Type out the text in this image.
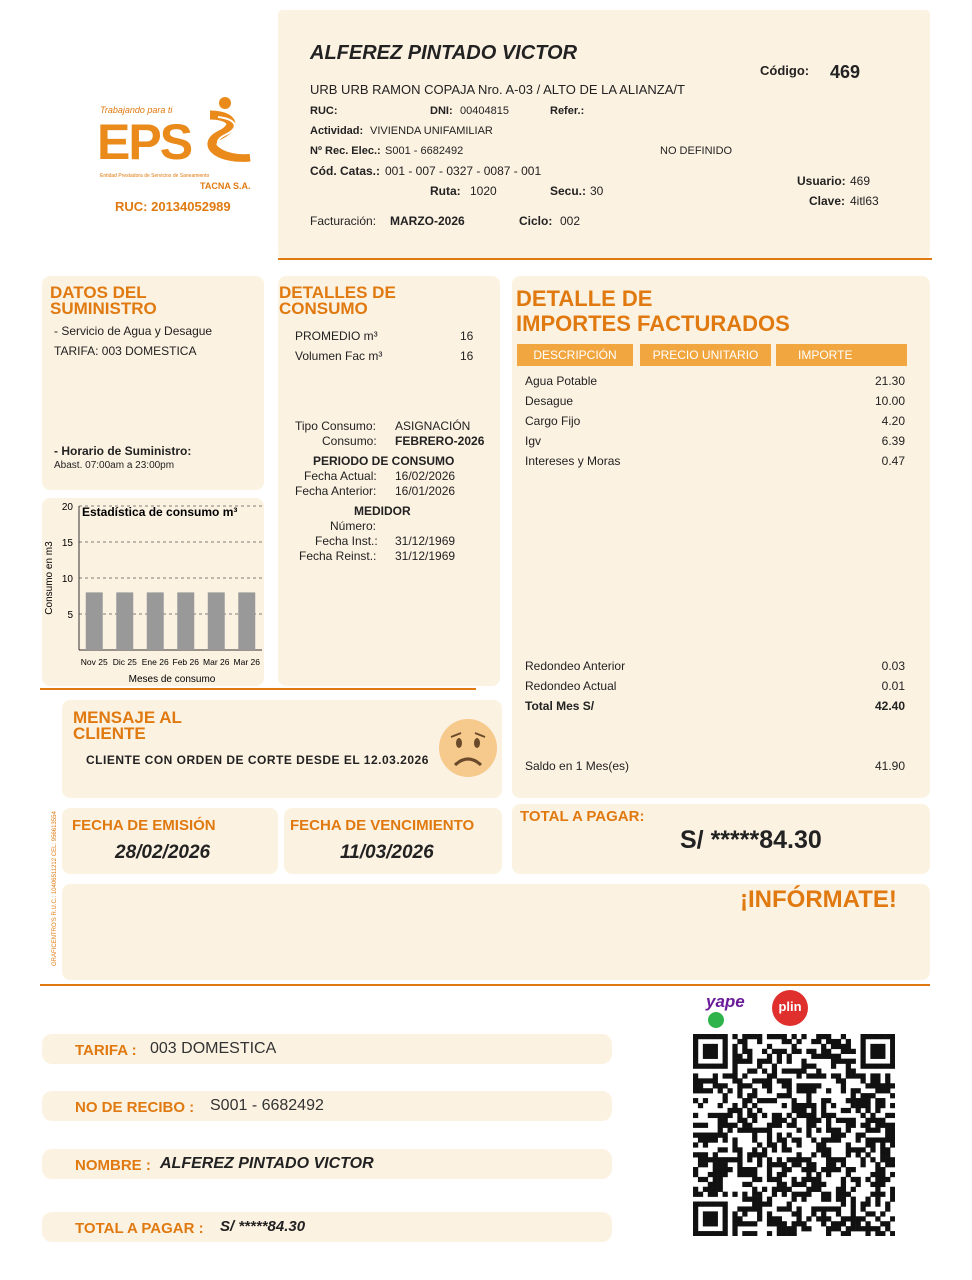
Trabajando para ti
EPS
Entidad Prestadora de Servicios de Saneamiento
TACNA S.A.
RUC: 20134052989
ALFEREZ PINTADO VICTOR
URB URB RAMON COPAJA Nro. A-03 / ALTO DE LA ALIANZA/T
Código: 469
RUC:	DNI: 00404815	Refer.:
Actividad: VIVIENDA UNIFAMILIAR
Nº Rec. Elec.: S001 - 6682492	NO DEFINIDO
Cód. Catas.: 001 - 007 - 0327 - 0087 - 001
Ruta: 1020	Secu.: 30
Usuario: 469
Clave: 4itl63
Facturación: MARZO-2026	Ciclo: 002
DATOS DEL
SUMINISTRO
- Servicio de Agua y Desague
TARIFA: 003 DOMESTICA
- Horario de Suministro:
Abast. 07:00am a 23:00pm
5
10
15
20
Nov 25 Dic 25 Ene 26 Feb 26 Mar 26 Mar 26
Estadística de consumo m³
Meses de consumo
Consumo en m3
DETALLES DE
CONSUMO
PROMEDIO m³	16
Volumen Fac m³	16
Tipo Consumo: ASIGNACIÓN
Consumo: FEBRERO-2026
PERIODO DE CONSUMO
Fecha Actual: 16/02/2026
Fecha Anterior: 16/01/2026
MEDIDOR
Número:
Fecha Inst.: 31/12/1969
Fecha Reinst.: 31/12/1969
DETALLE DE
IMPORTES FACTURADOS
DESCRIPCIÓN	PRECIO UNITARIO	IMPORTE
Agua Potable	21.30
Desague	10.00
Cargo Fijo	4.20
Igv	6.39
Intereses y Moras	0.47
Redondeo Anterior	0.03
Redondeo Actual	0.01
Total Mes S/	42.40
Saldo en 1 Mes(es)	41.90
MENSAJE AL
CLIENTE
CLIENTE CON ORDEN DE CORTE DESDE EL 12.03.2026
GRAFICENTRO'S R.U.C.: 10406511212 CEL: 956613554 FECHA DE EMISIÓN
28/02/2026
FECHA DE VENCIMIENTO
11/03/2026
TOTAL A PAGAR:
S/ *****84.30
¡INFÓRMATE!
yape	plin
TARIFA : 003 DOMESTICA
NO DE RECIBO : S001 - 6682492
NOMBRE : ALFEREZ PINTADO VICTOR
TOTAL A PAGAR : S/ *****84.30
